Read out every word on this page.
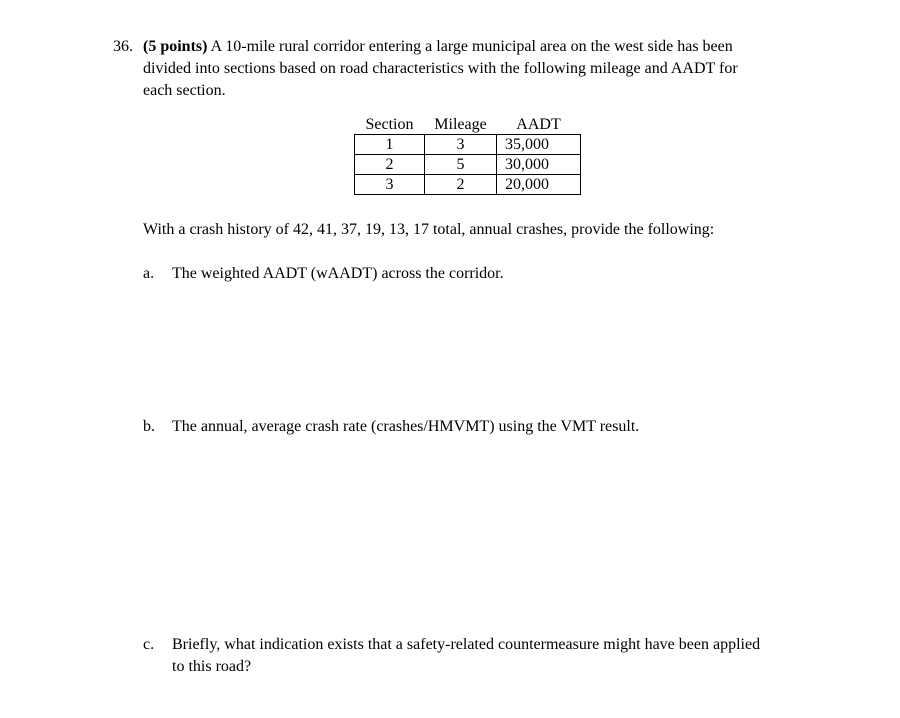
36. (5 points) A 10-mile rural corridor entering a large municipal area on the west side has been
divided into sections based on road characteristics with the following mileage and AADT for
each section.
Section	Mileage	AADT
1	3	35,000
2	5	30,000
3	2	20,000
With a crash history of 42, 41, 37, 19, 13, 17 total, annual crashes, provide the following:
a. The weighted AADT (wAADT) across the corridor.
b. The annual, average crash rate (crashes/HMVMT) using the VMT result.
c. Briefly, what indication exists that a safety-related countermeasure might have been applied
to this road?
